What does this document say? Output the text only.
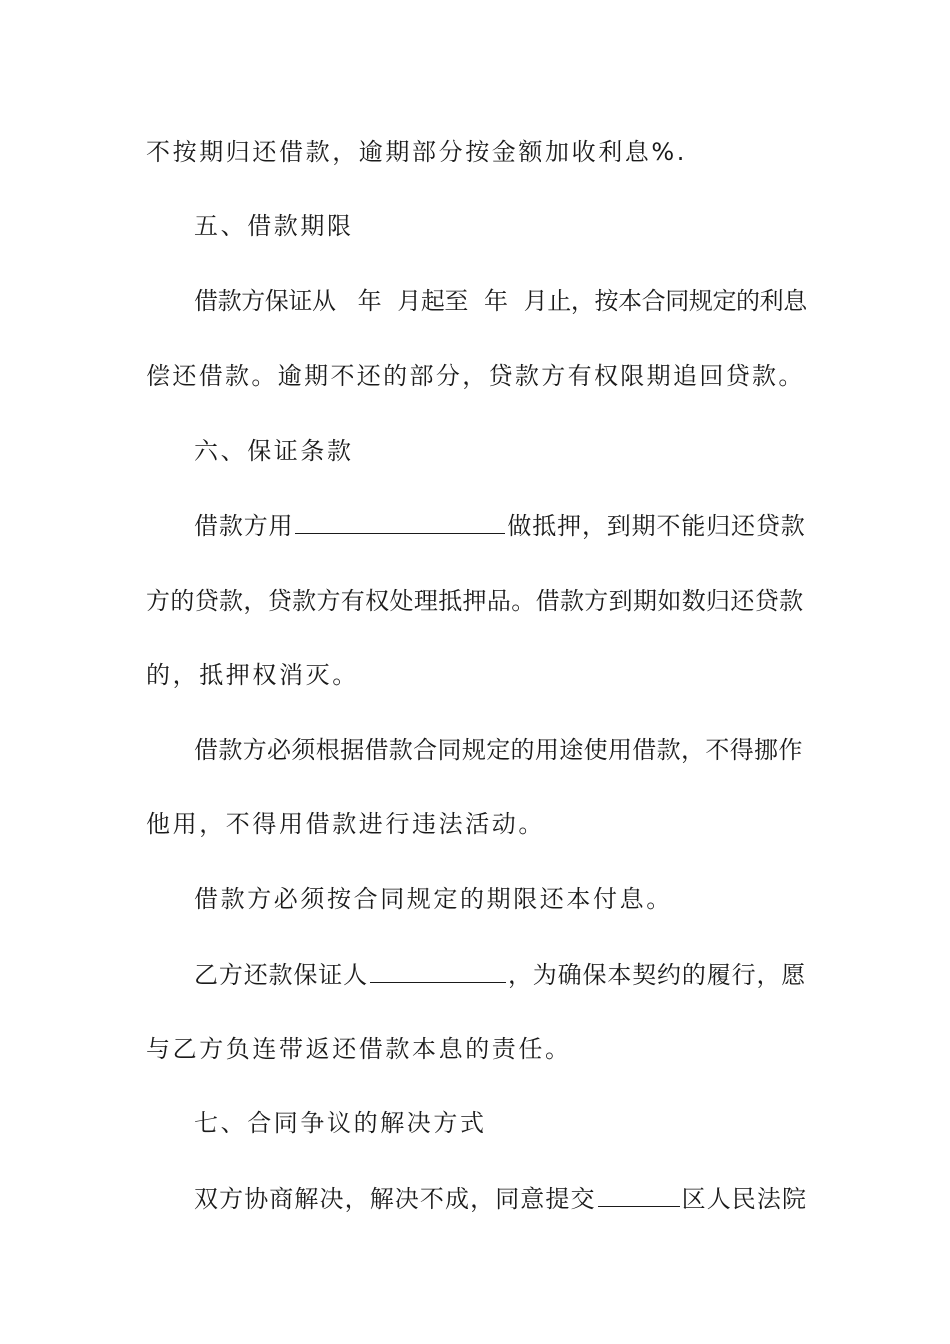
不按期归还借款，逾期部分按金额加收利息%.
五、借款期限
借款方保证从 年 月起至 年 月止，按本合同规定的利息
偿还借款。逾期不还的部分，贷款方有权限期追回贷款。
六、保证条款
借款方用	做抵押，到期不能归还贷款
方的贷款，贷款方有权处理抵押品。借款方到期如数归还贷款
的，抵押权消灭。
借款方必须根据借款合同规定的用途使用借款，不得挪作
他用，不得用借款进行违法活动。
借款方必须按合同规定的期限还本付息。
乙方还款保证人	，为确保本契约的履行，愿
与乙方负连带返还借款本息的责任。
七、合同争议的解决方式
双方协商解决，解决不成，同意提交	区人民法院
